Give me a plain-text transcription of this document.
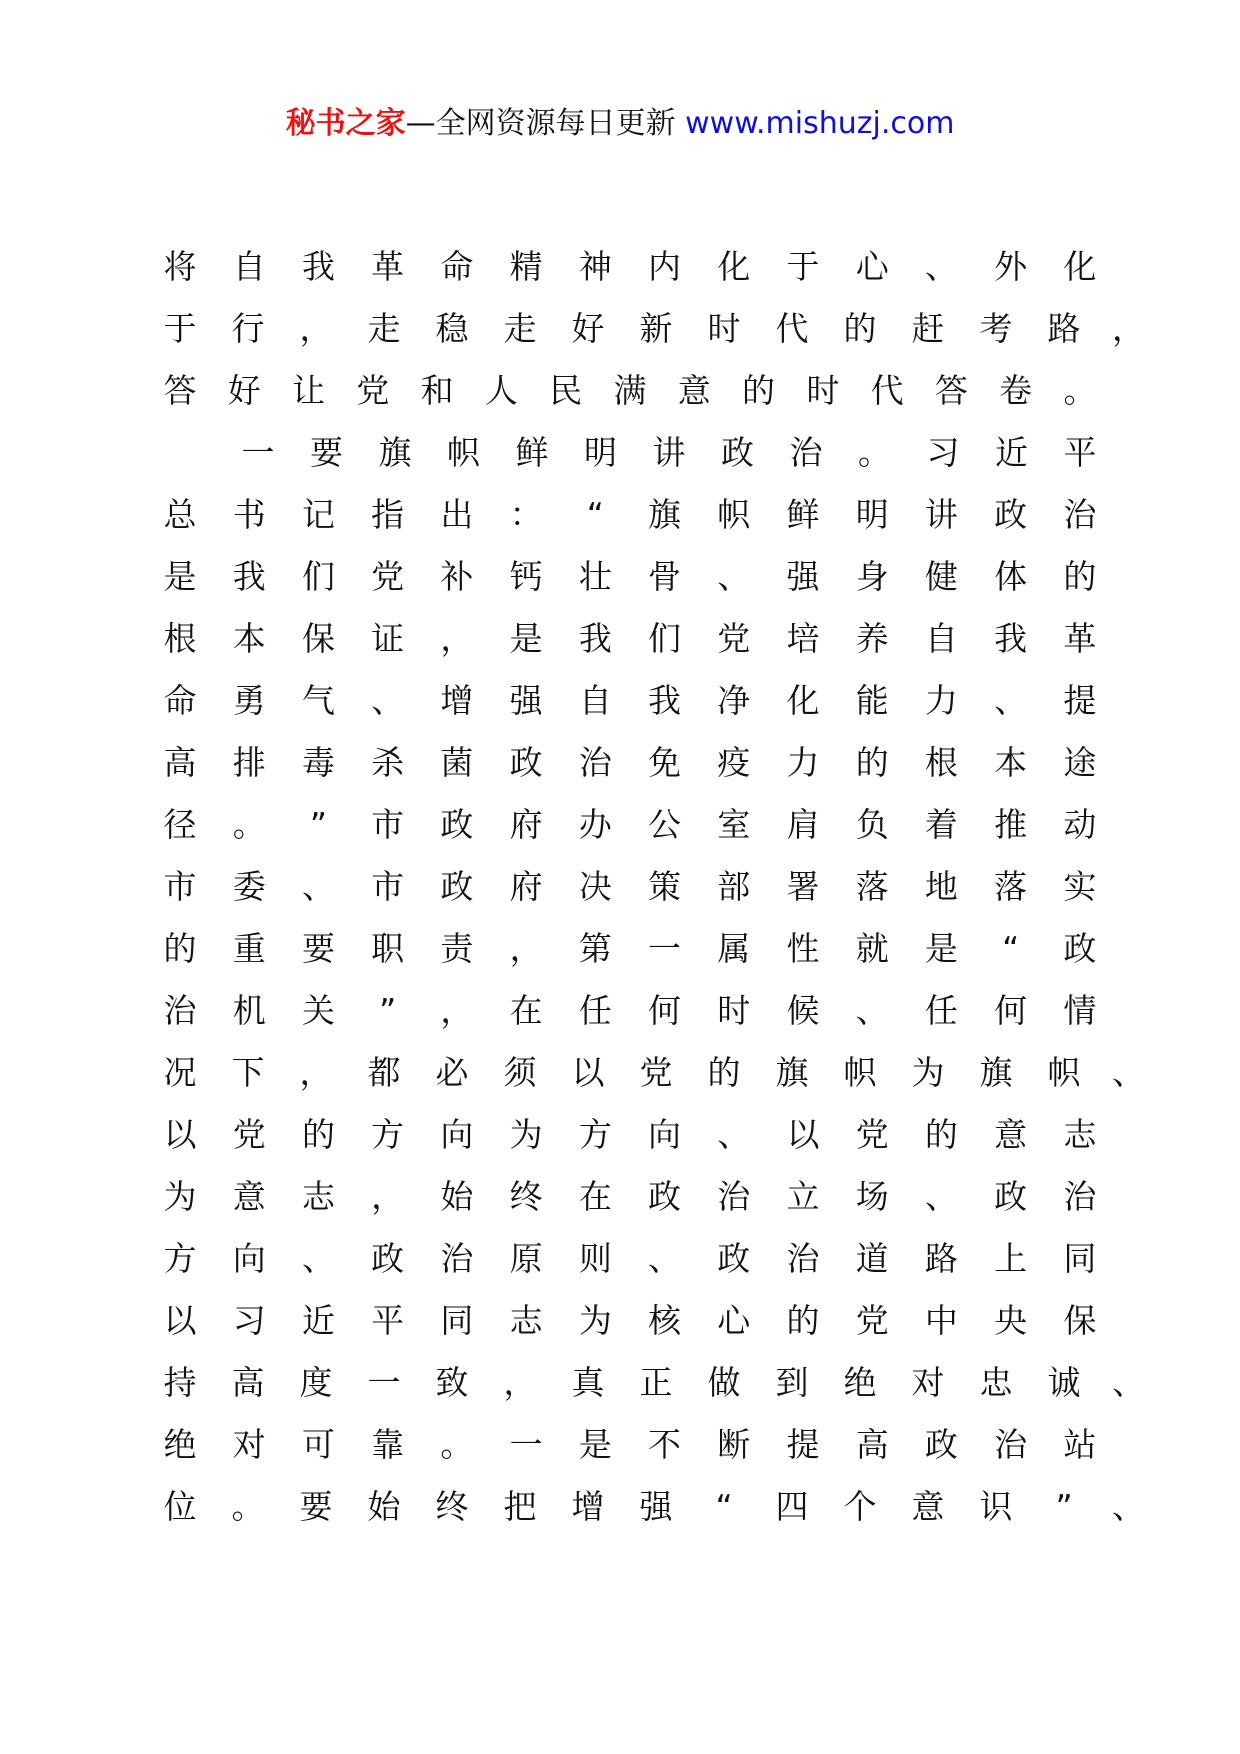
秘书之家—全网资源每日更新 www.mishuzj.com
将 自 我 革 命 精 神 内 化 于 心 、 外 化
于 行 ， 走 稳 走 好 新 时 代 的 赶 考 路 ，
答 好 让 党 和 人 民 满 意 的 时 代 答 卷 。
一 要 旗 帜 鲜 明 讲 政 治 。 习 近 平
总 书 记 指 出 ：	“	旗 帜 鲜 明 讲 政 治
是 我 们 党 补 钙 壮 骨 、 强 身 健 体 的
根 本 保 证 ， 是 我 们 党 培 养 自 我 革
命 勇 气 、 增 强 自 我 净 化 能 力 、 提
高 排 毒 杀 菌 政 治 免 疫 力 的 根 本 途
径 。	”	市 政 府 办 公 室 肩 负 着 推 动
市 委 、 市 政 府 决 策 部 署 落 地 落 实
的 重 要 职 责 ， 第 一 属 性 就 是	“	政
治 机 关	”	， 在 任 何 时 候 、 任 何 情
况 下 ， 都 必 须 以 党 的 旗 帜 为 旗 帜 、
以 党 的 方 向 为 方 向 、 以 党 的 意 志
为 意 志 ， 始 终 在 政 治 立 场 、 政 治
方 向 、 政 治 原 则 、 政 治 道 路 上 同
以 习 近 平 同 志 为 核 心 的 党 中 央 保
持 高 度 一 致 ， 真 正 做 到 绝 对 忠 诚 、
绝 对 可 靠 。 一 是 不 断 提 高 政 治 站
位 。 要 始 终 把 增 强	“	四 个 意 识	”	、
